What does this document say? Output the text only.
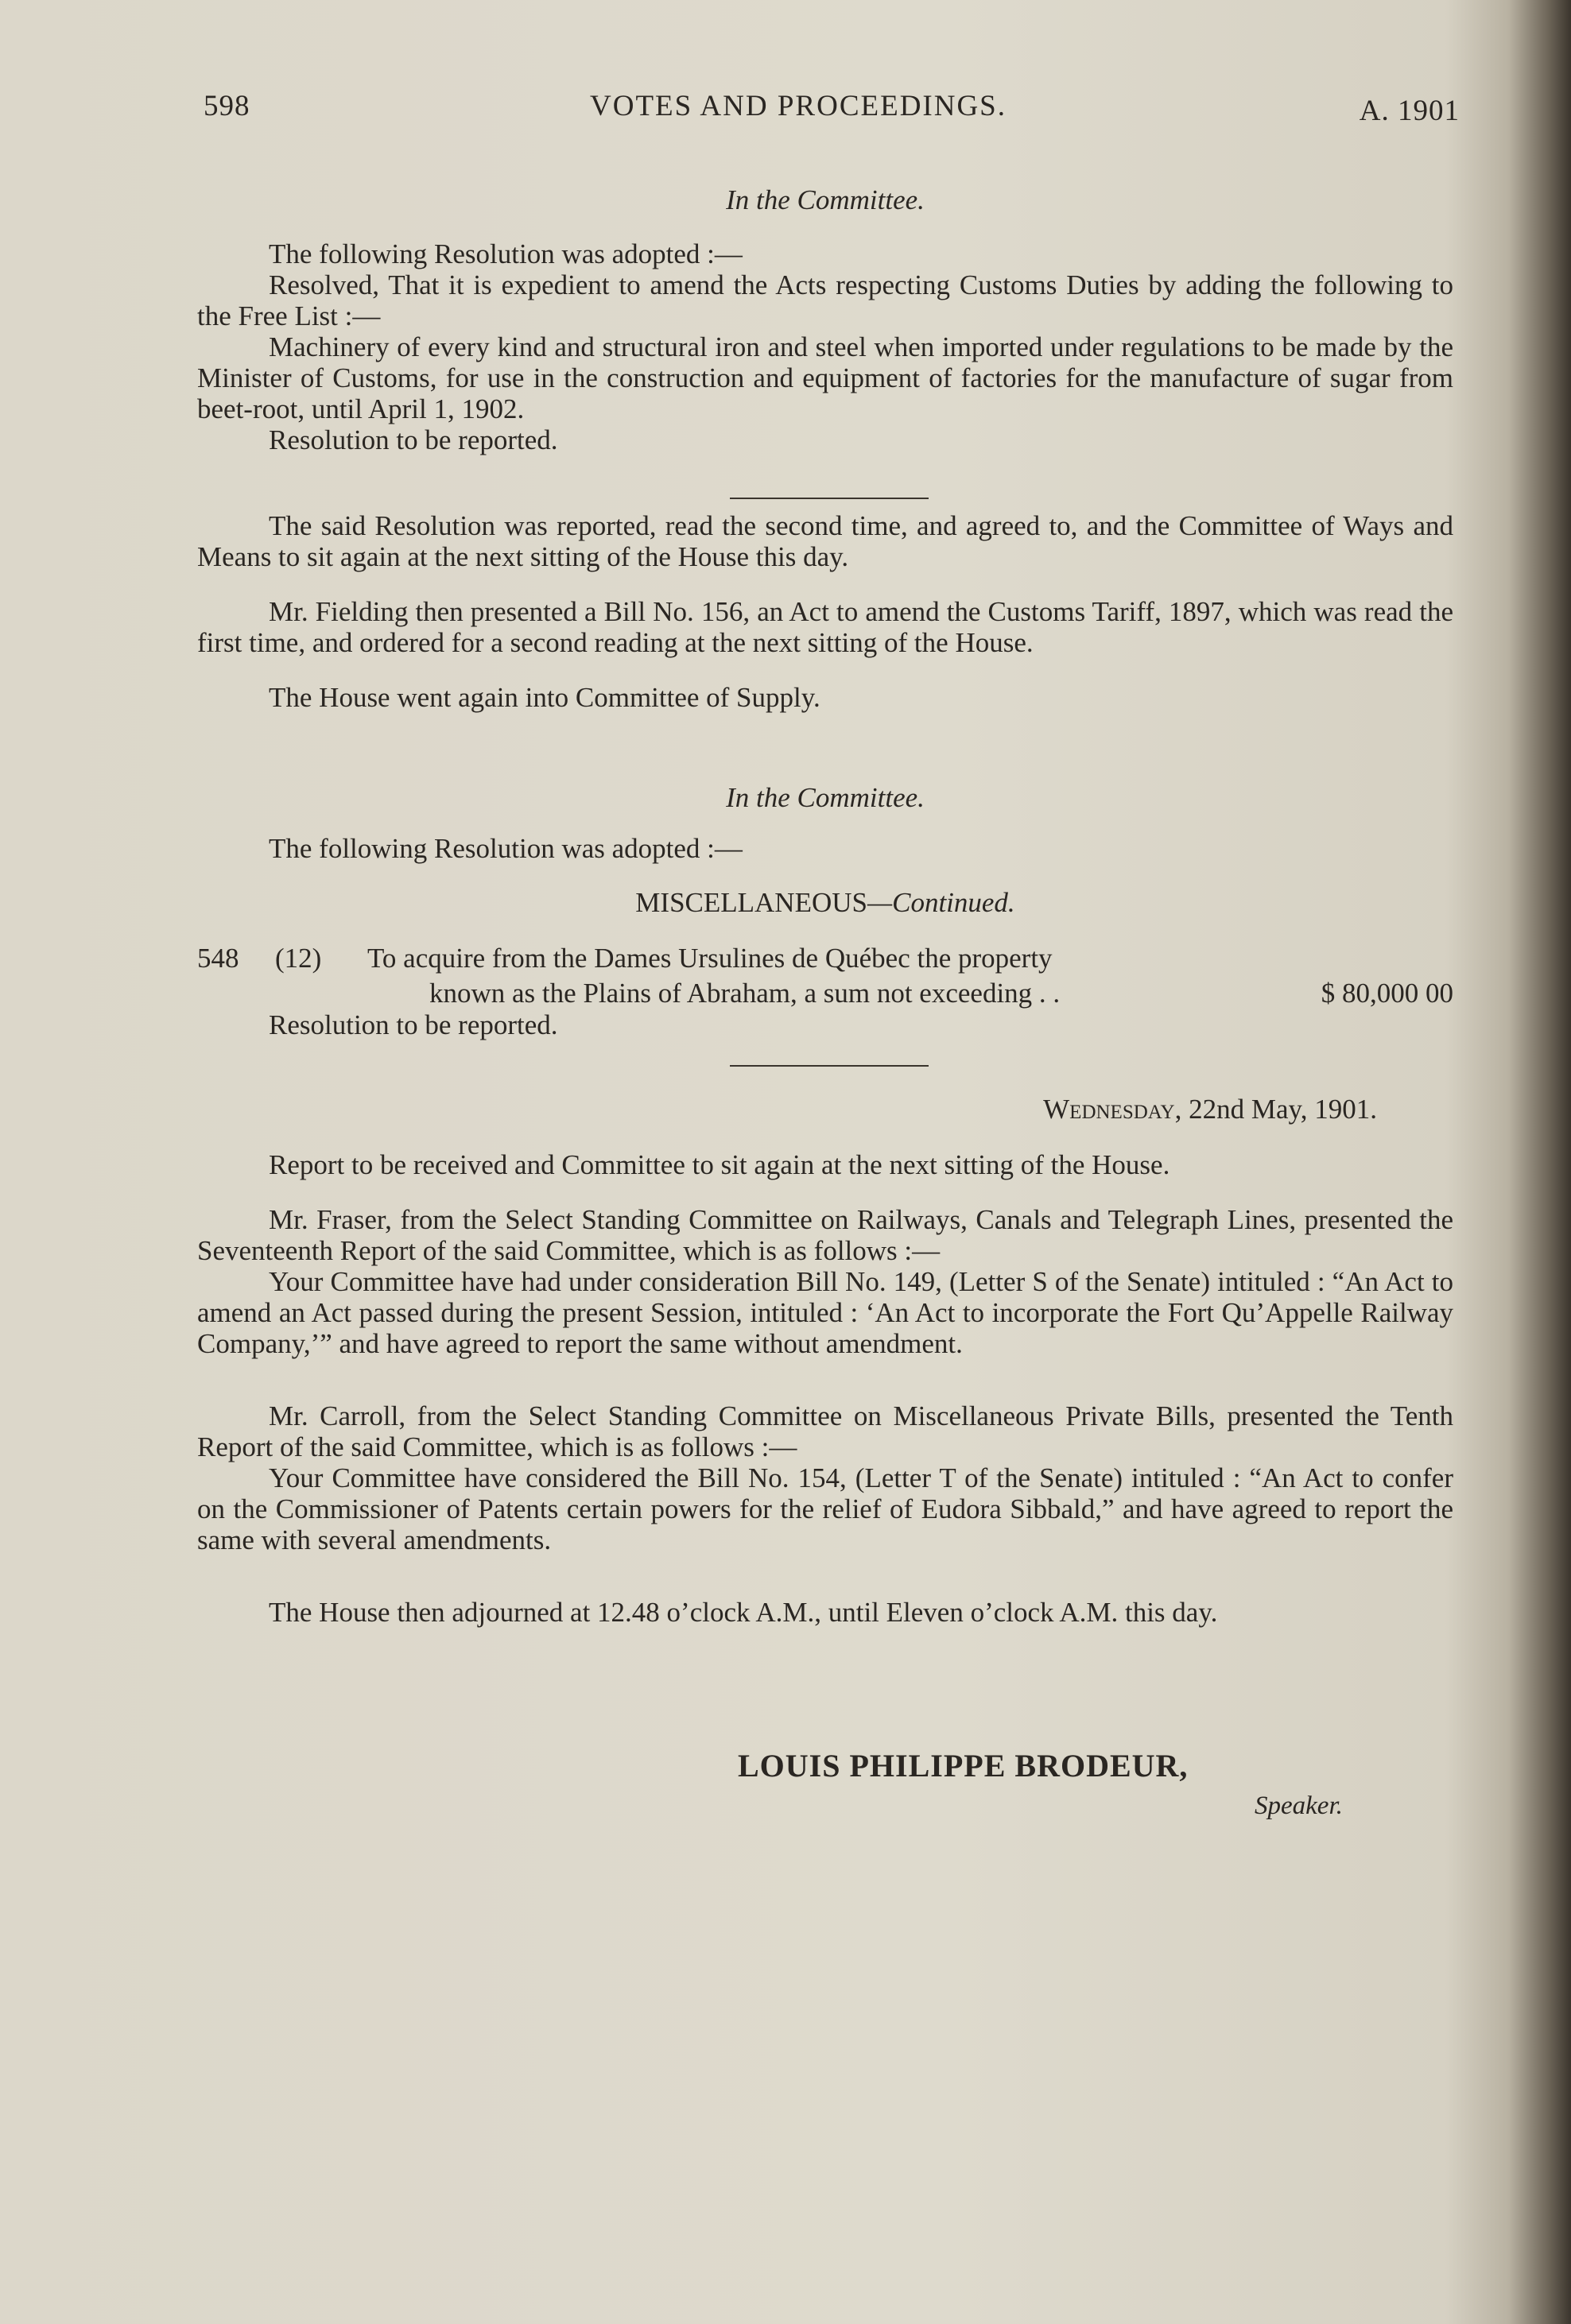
598	VOTES AND PROCEEDINGS.	A. 1901
In the Committee.

The following Resolution was adopted :—

Resolved, That it is expedient to amend the Acts respecting Customs Duties by adding the following to the Free List :—

Machinery of every kind and structural iron and steel when imported under regulations to be made by the Minister of Customs, for use in the construction and equipment of factories for the manufacture of sugar from beet-root, until April 1, 1902.

Resolution to be reported.

The said Resolution was reported, read the second time, and agreed to, and the Committee of Ways and Means to sit again at the next sitting of the House this day.

Mr. Fielding then presented a Bill No. 156, an Act to amend the Customs Tariff, 1897, which was read the first time, and ordered for a second reading at the next sitting of the House.

The House went again into Committee of Supply.

In the Committee.

The following Resolution was adopted :—

MISCELLANEOUS—Continued.
548 (12) To acquire from the Dames Ursulines de Québec the property
known as the Plains of Abraham, a sum not exceeding . .	$ 80,000 00

Resolution to be reported.

Wednesday, 22nd May, 1901.

Report to be received and Committee to sit again at the next sitting of the House.

Mr. Fraser, from the Select Standing Committee on Railways, Canals and Telegraph Lines, presented the Seventeenth Report of the said Committee, which is as follows :—

Your Committee have had under consideration Bill No. 149, (Letter S of the Senate) intituled : “An Act to amend an Act passed during the present Session, intituled : ‘An Act to incorporate the Fort Qu’Appelle Railway Company,’” and have agreed to report the same without amendment.

Mr. Carroll, from the Select Standing Committee on Miscellaneous Private Bills, presented the Tenth Report of the said Committee, which is as follows :—

Your Committee have considered the Bill No. 154, (Letter T of the Senate) intituled : “An Act to confer on the Commissioner of Patents certain powers for the relief of Eudora Sibbald,” and have agreed to report the same with several amendments.

The House then adjourned at 12.48 o’clock A.M., until Eleven o’clock A.M. this day.

LOUIS PHILIPPE BRODEUR,
Speaker.
